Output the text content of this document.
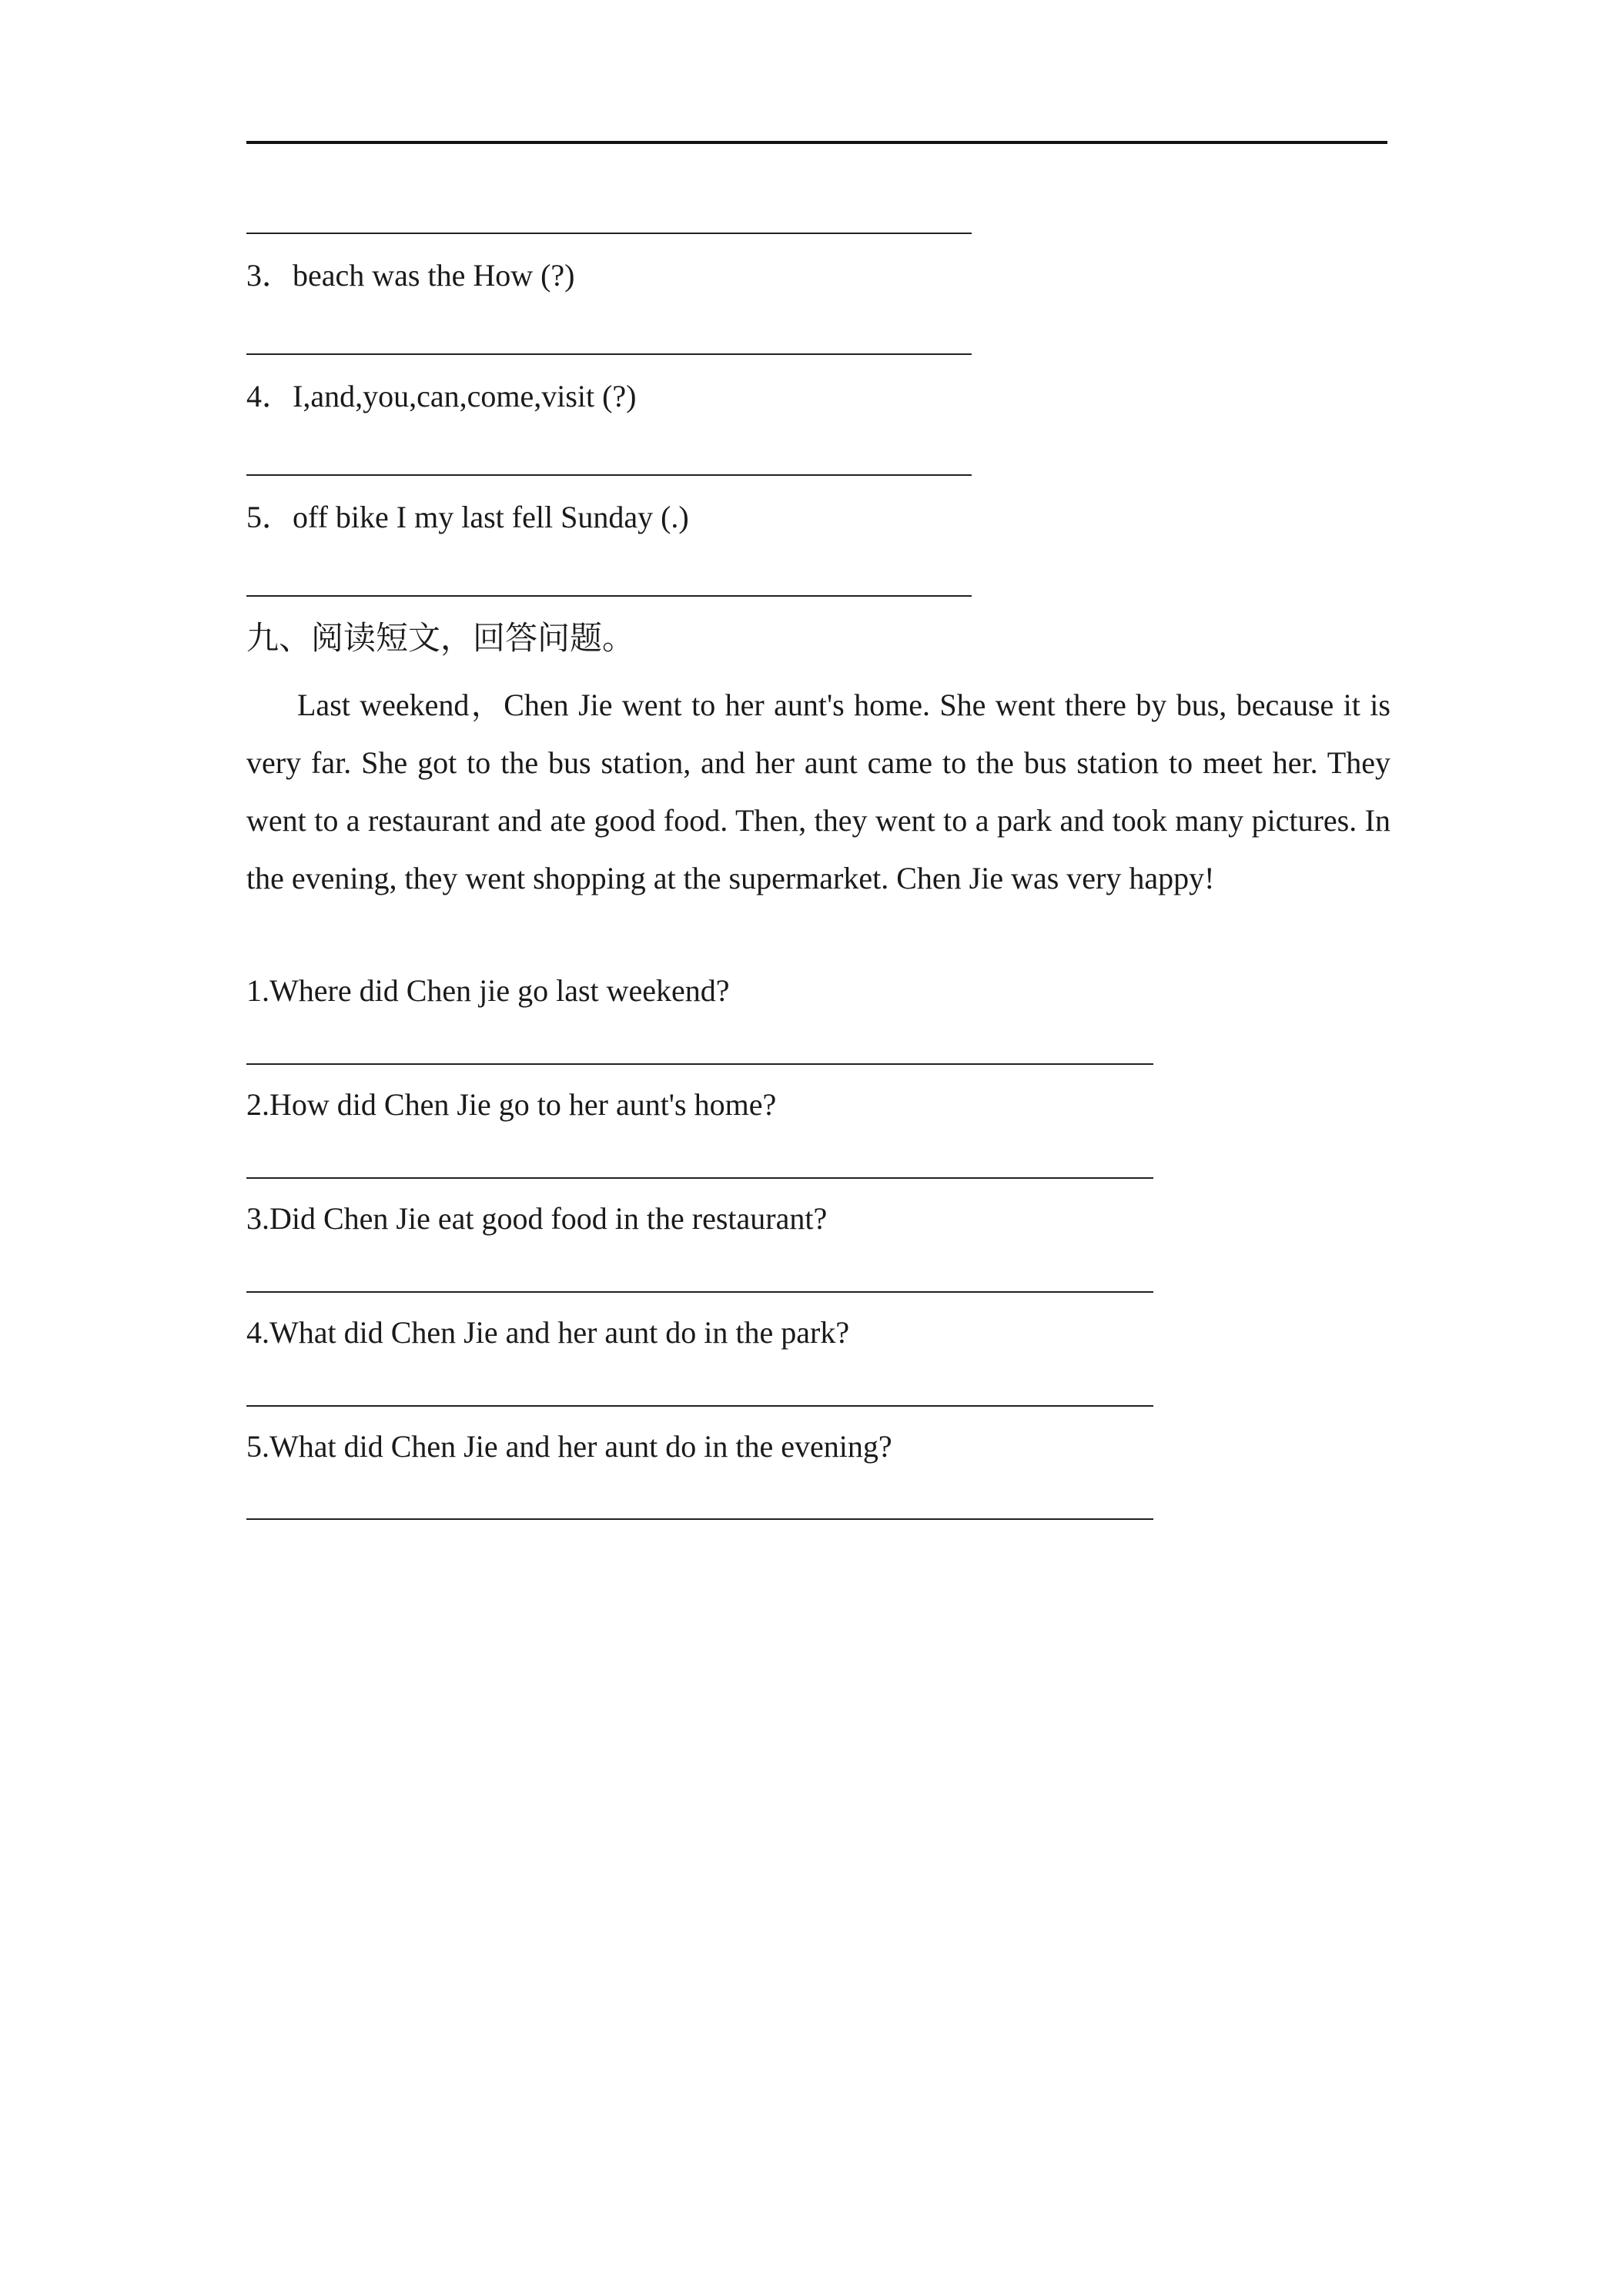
3．beach was the How (?)
4．I,and,you,can,come,visit (?)
5．off bike I my last fell Sunday (.)
九、阅读短文，回答问题。
Last weekend，Chen Jie went to her aunt's home. She went there by bus, because it is very far. She got to the bus station, and her aunt came to the bus station to meet her. They went to a restaurant and ate good food. Then, they went to a park and took many pictures. In the evening, they went shopping at the supermarket. Chen Jie was very happy!
1.Where did Chen jie go last weekend?
2.How did Chen Jie go to her aunt's home?
3.Did Chen Jie eat good food in the restaurant?
4.What did Chen Jie and her aunt do in the park?
5.What did Chen Jie and her aunt do in the evening?
